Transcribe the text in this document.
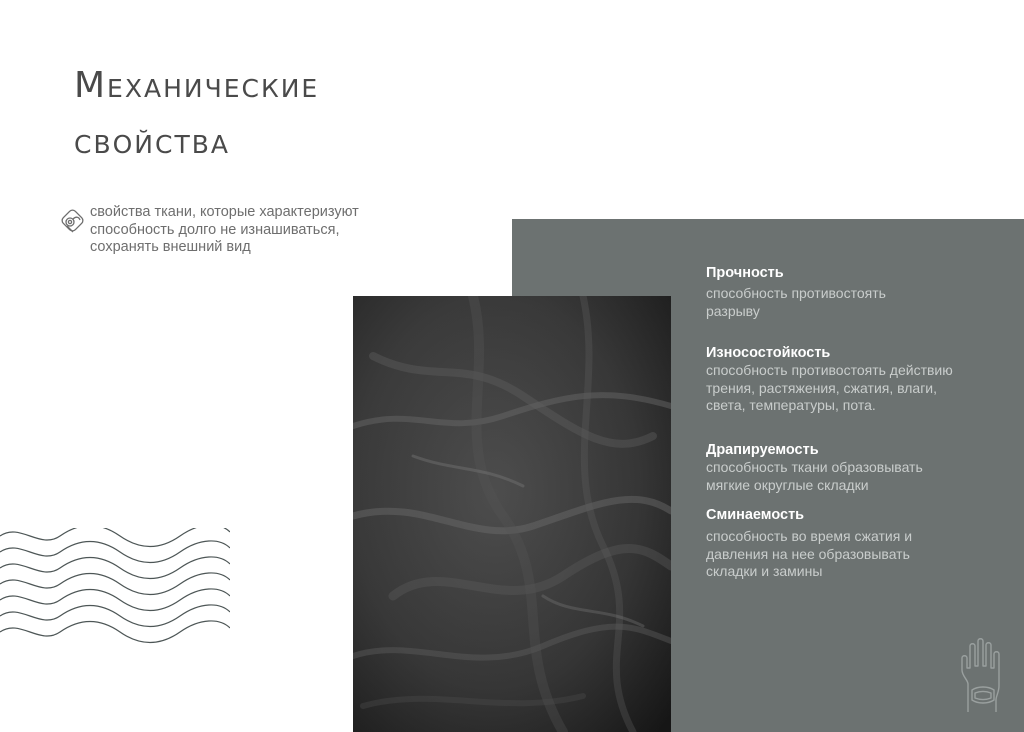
Механические
свойства
свойства ткани, которые характеризуют способность долго не изнашиваться, сохранять внешний вид
Прочность
способность противостоять разрыву
Износостойкость
способность противостоять действию трения, растяжения, сжатия, влаги, света, температуры, пота.
Драпируемость
способность ткани образовывать мягкие округлые складки
Сминаемость
способность во время сжатия и давления на нее образовывать складки и замины
